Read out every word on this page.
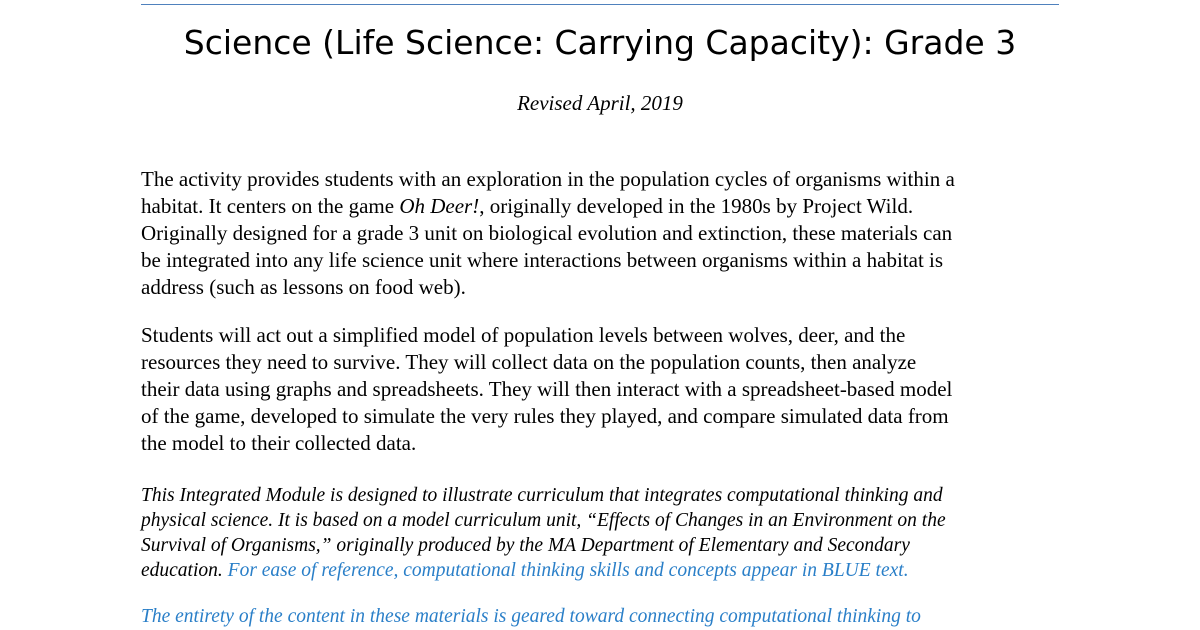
Science (Life Science: Carrying Capacity): Grade 3
Revised April, 2019
The activity provides students with an exploration in the population cycles of organisms within a
habitat. It centers on the game Oh Deer!, originally developed in the 1980s by Project Wild.
Originally designed for a grade 3 unit on biological evolution and extinction, these materials can
be integrated into any life science unit where interactions between organisms within a habitat is
address (such as lessons on food web).
Students will act out a simplified model of population levels between wolves, deer, and the
resources they need to survive. They will collect data on the population counts, then analyze
their data using graphs and spreadsheets. They will then interact with a spreadsheet-based model
of the game, developed to simulate the very rules they played, and compare simulated data from
the model to their collected data.
This Integrated Module is designed to illustrate curriculum that integrates computational thinking and
physical science. It is based on a model curriculum unit, “Effects of Changes in an Environment on the
Survival of Organisms,” originally produced by the MA Department of Elementary and Secondary
education. For ease of reference, computational thinking skills and concepts appear in BLUE text.
The entirety of the content in these materials is geared toward connecting computational thinking to
